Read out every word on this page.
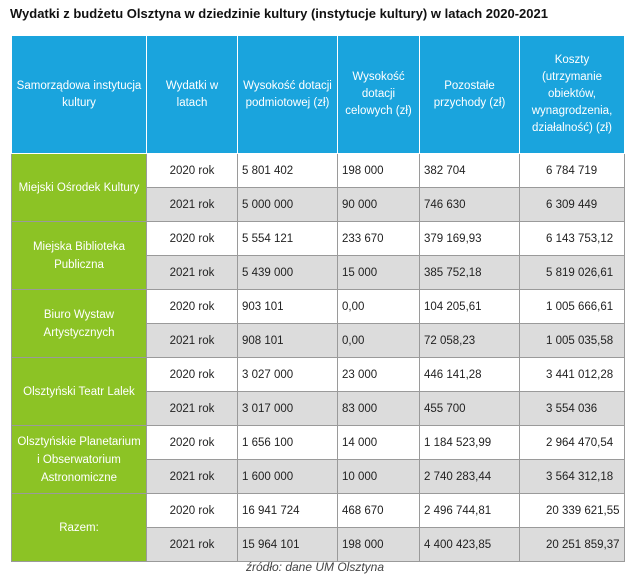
Wydatki z budżetu Olsztyna w dziedzinie kultury (instytucje kultury) w latach 2020-2021
Samorządowa instytucja kultury	Wydatki w latach	Wysokość dotacji podmiotowej (zł)	Wysokość dotacji celowych (zł)	Pozostałe przychody (zł)	Koszty (utrzymanie obiektów, wynagrodzenia, działalność) (zł)
Miejski Ośrodek Kultury	2020 rok	5 801 402	198 000	382 704	6 784 719
	2021 rok	5 000 000	90 000	746 630	6 309 449
Miejska Biblioteka Publiczna	2020 rok	5 554 121	233 670	379 169,93	6 143 753,12
	2021 rok	5 439 000	15 000	385 752,18	5 819 026,61
Biuro Wystaw Artystycznych	2020 rok	903 101	0,00	104 205,61	1 005 666,61
	2021 rok	908 101	0,00	72 058,23	1 005 035,58
Olsztyński Teatr Lalek	2020 rok	3 027 000	23 000	446 141,28	3 441 012,28
	2021 rok	3 017 000	83 000	455 700	3 554 036
Olsztyńskie Planetarium i Obserwatorium Astronomiczne	2020 rok	1 656 100	14 000	1 184 523,99	2 964 470,54
	2021 rok	1 600 000	10 000	2 740 283,44	3 564 312,18
Razem:	2020 rok	16 941 724	468 670	2 496 744,81	20 339 621,55
	2021 rok	15 964 101	198 000	4 400 423,85	20 251 859,37
źródło: dane UM Olsztyna
